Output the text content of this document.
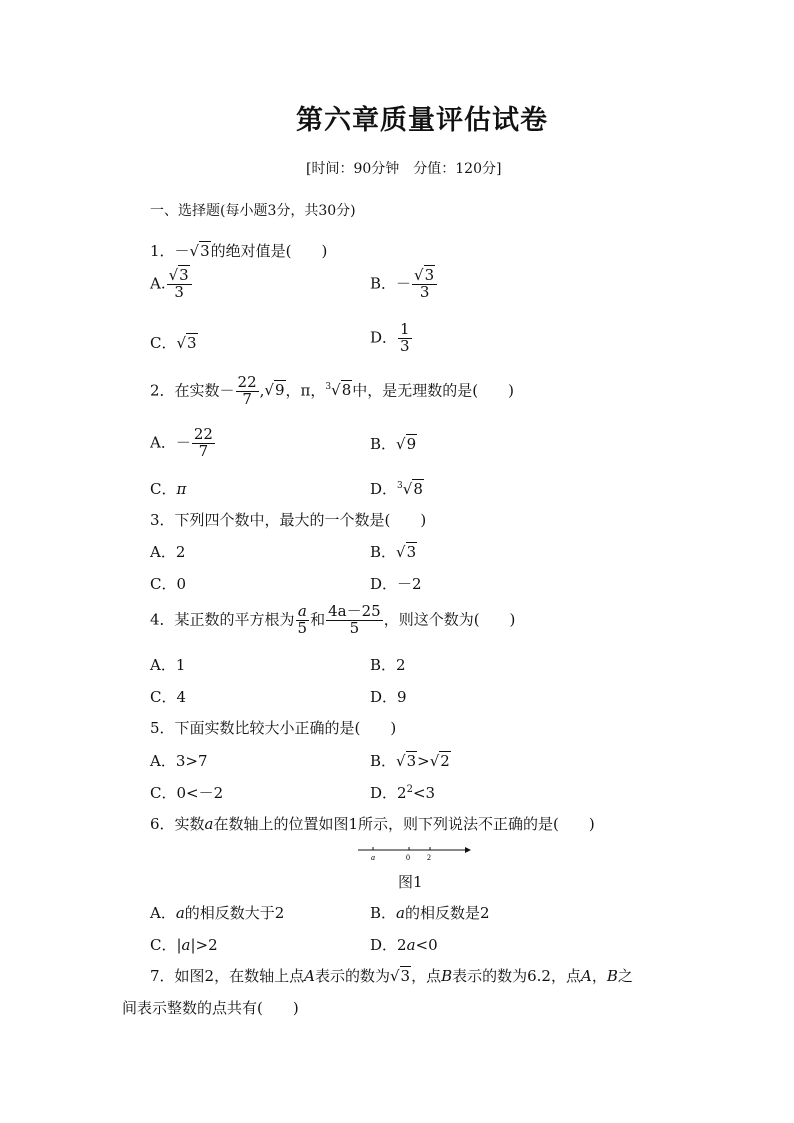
第六章质量评估试卷
[时间：90分钟　分值：120分]
一、选择题(每小题3分，共30分)
1．－√3的绝对值是(　　)
A. $\frac{√3}{3}$	B．－ $\frac{√3}{3}$
C．√3	D． $\frac{1}{3}$
2．在实数－ $\frac{22}{7} ,√9$，π，$^3$√8中，是无理数的是(　　)
A．－ $\frac{22}{7}$	B．√9
C．π	D．$^3$√8
3．下列四个数中，最大的一个数是(　　)
A．2	B．√3
C．0	D．－2
4．某正数的平方根为 $\frac{a}{5}$ 和 $\frac{4a-25}{5}$ ，则这个数为(　　)
A．1	B．2
C．4	D．9
5．下面实数比较大小正确的是(　　)
A．3>7	B．√3>√2
C．0<－2	D．$2^2<3$
6．实数a在数轴上的位置如图1所示，则下列说法不正确的是(　　)
a	0 2
图1
A．a的相反数大于2	B．a的相反数是2
C．|a|>2	D．2a<0
7．如图2，在数轴上点A表示的数为√3，点B表示的数为6.2，点A，B之
间表示整数的点共有(　　)
